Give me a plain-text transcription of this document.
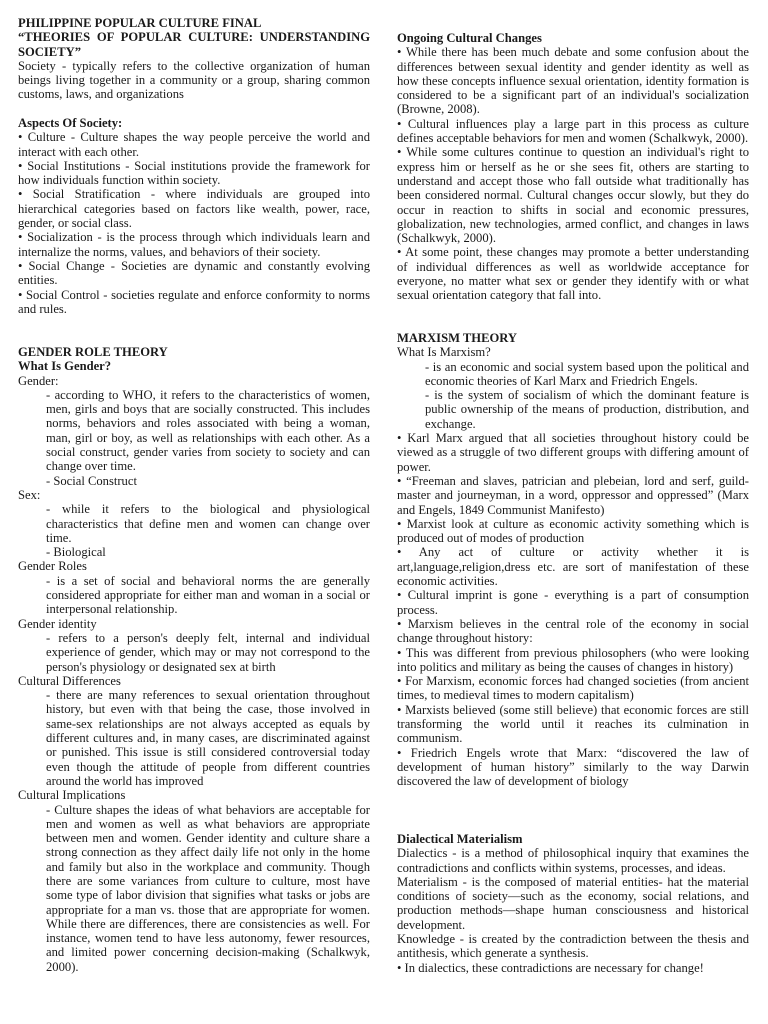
PHILIPPINE POPULAR CULTURE FINAL

“THEORIES OF POPULAR CULTURE: UNDERSTANDING SOCIETY”

Society - typically refers to the collective organization of human beings living together in a community or a group, sharing common customs, laws, and organizations

Aspects Of Society:

• Culture - Culture shapes the way people perceive the world and interact with each other.

• Social Institutions - Social institutions provide the framework for how individuals function within society.

• Social Stratification - where individuals are grouped into hierarchical categories based on factors like wealth, power, race, gender, or social class.

• Socialization - is the process through which individuals learn and internalize the norms, values, and behaviors of their society.

• Social Change - Societies are dynamic and constantly evolving entities.

• Social Control - societies regulate and enforce conformity to norms and rules.

GENDER ROLE THEORY

What Is Gender?

Gender:

- according to WHO, it refers to the characteristics of women, men, girls and boys that are socially constructed. This includes norms, behaviors and roles associated with being a woman, man, girl or boy, as well as relationships with each other. As a social construct, gender varies from society to society and can change over time.

- Social Construct

Sex:

- while it refers to the biological and physiological characteristics that define men and women can change over time.

- Biological

Gender Roles

- is a set of social and behavioral norms the are generally considered appropriate for either man and woman in a social or interpersonal relationship.

Gender identity

- refers to a person's deeply felt, internal and individual experience of gender, which may or may not correspond to the person's physiology or designated sex at birth

Cultural Differences

- there are many references to sexual orientation throughout history, but even with that being the case, those involved in same-sex relationships are not always accepted as equals by different cultures and, in many cases, are discriminated against or punished. This issue is still considered controversial today even though the attitude of people from different countries around the world has improved

Cultural Implications

- Culture shapes the ideas of what behaviors are acceptable for men and women as well as what behaviors are appropriate between men and women. Gender identity and culture share a strong connection as they affect daily life not only in the home and family but also in the workplace and community. Though there are some variances from culture to culture, most have some type of labor division that signifies what tasks or jobs are appropriate for a man vs. those that are appropriate for women. While there are differences, there are consistencies as well. For instance, women tend to have less autonomy, fewer resources, and limited power concerning decision-making (Schalkwyk, 2000).

Ongoing Cultural Changes

• While there has been much debate and some confusion about the differences between sexual identity and gender identity as well as how these concepts influence sexual orientation, identity formation is considered to be a significant part of an individual's socialization (Browne, 2008).

• Cultural influences play a large part in this process as culture defines acceptable behaviors for men and women (Schalkwyk, 2000).

• While some cultures continue to question an individual's right to express him or herself as he or she sees fit, others are starting to understand and accept those who fall outside what traditionally has been considered normal. Cultural changes occur slowly, but they do occur in reaction to shifts in social and economic pressures, globalization, new technologies, armed conflict, and changes in laws (Schalkwyk, 2000).

• At some point, these changes may promote a better understanding of individual differences as well as worldwide acceptance for everyone, no matter what sex or gender they identify with or what sexual orientation category that fall into.

MARXISM THEORY

What Is Marxism?

- is an economic and social system based upon the political and economic theories of Karl Marx and Friedrich Engels.

- is the system of socialism of which the dominant feature is public ownership of the means of production, distribution, and exchange.

• Karl Marx argued that all societies throughout history could be viewed as a struggle of two different groups with differing amount of power.

• “Freeman and slaves, patrician and plebeian, lord and serf, guild-master and journeyman, in a word, oppressor and oppressed” (Marx and Engels, 1849 Communist Manifesto)

• Marxist look at culture as economic activity something which is produced out of modes of production

• Any act of culture or activity whether it is art,language,religion,dress etc. are sort of manifestation of these economic activities.

• Cultural imprint is gone - everything is a part of consumption process.

• Marxism believes in the central role of the economy in social change throughout history:

• This was different from previous philosophers (who were looking into politics and military as being the causes of changes in history)

• For Marxism, economic forces had changed societies (from ancient times, to medieval times to modern capitalism)

• Marxists believed (some still believe) that economic forces are still transforming the world until it reaches its culmination in communism.

• Friedrich Engels wrote that Marx: “discovered the law of development of human history” similarly to the way Darwin discovered the law of development of biology

Dialectical Materialism

Dialectics - is a method of philosophical inquiry that examines the contradictions and conflicts within systems, processes, and ideas.

Materialism - is the composed of material entities- hat the material conditions of society—such as the economy, social relations, and production methods—shape human consciousness and historical development.

Knowledge - is created by the contradiction between the thesis and antithesis, which generate a synthesis.

• In dialectics, these contradictions are necessary for change!
